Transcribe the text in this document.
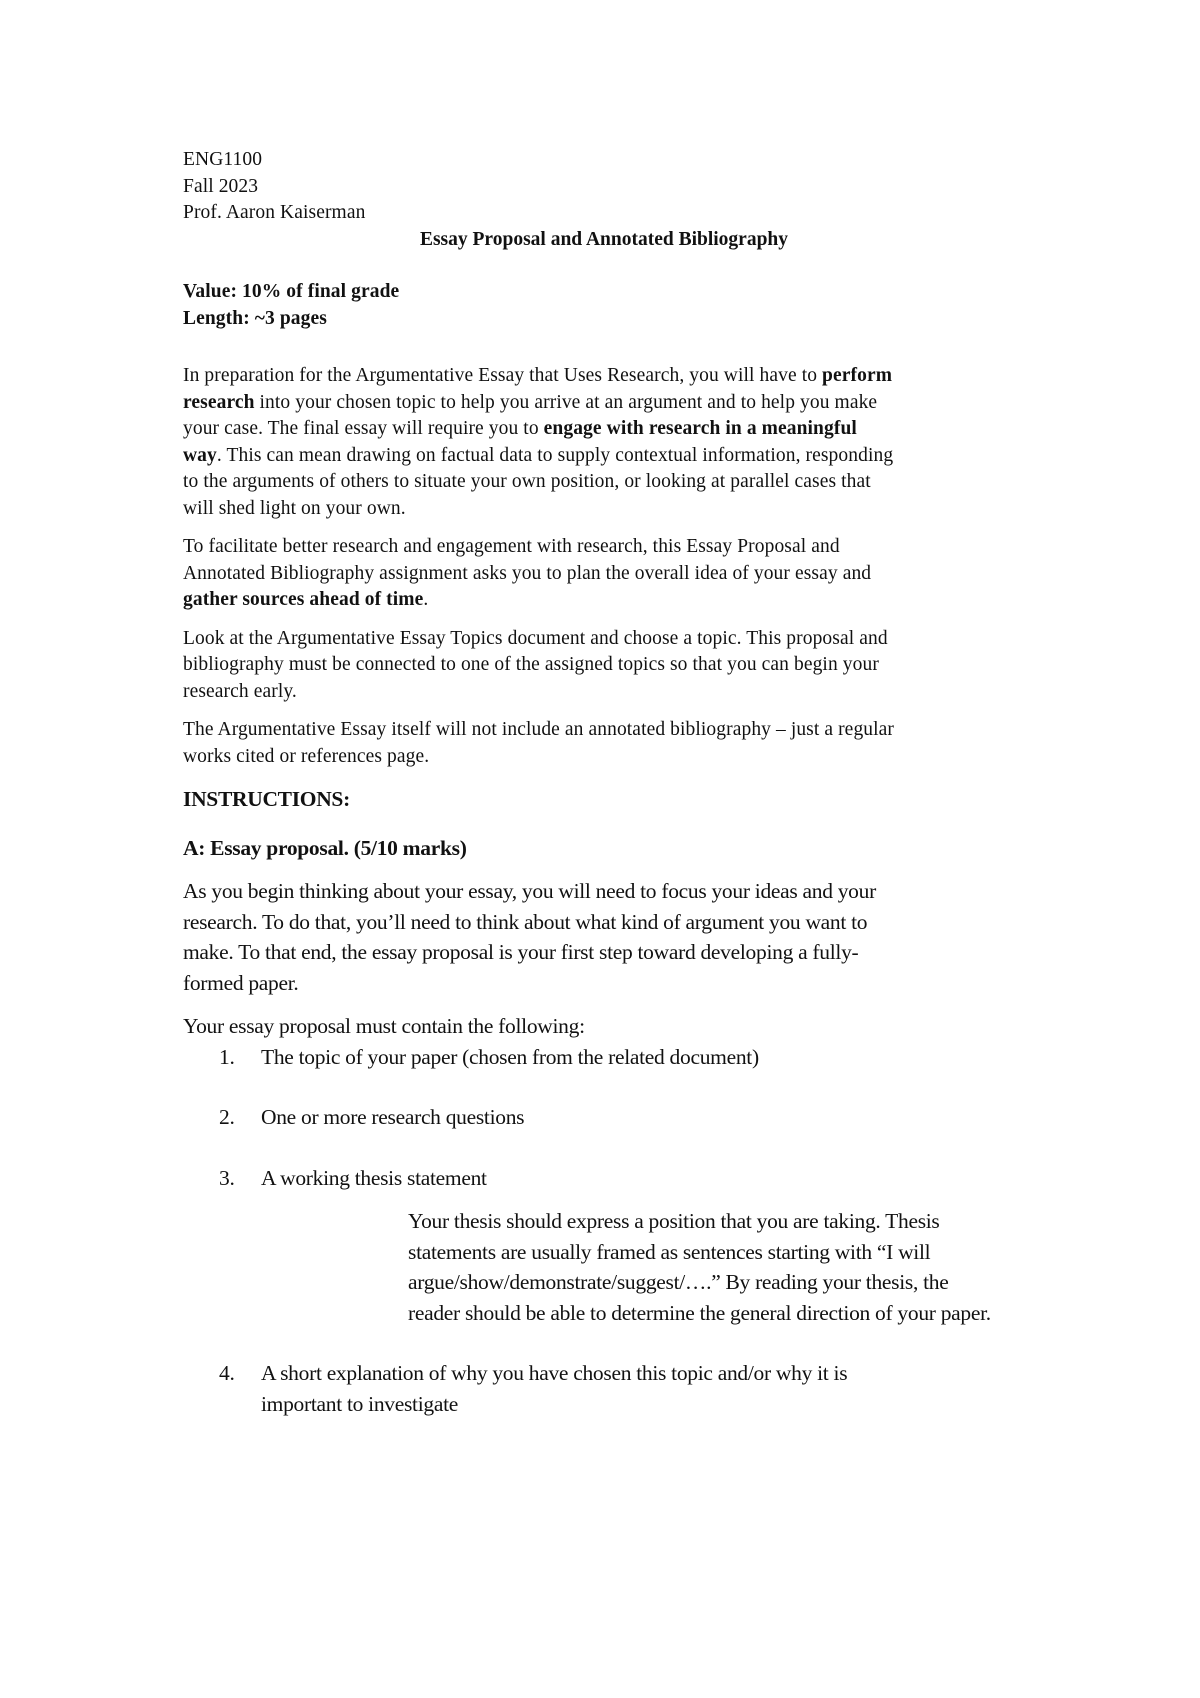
ENG1100
Fall 2023
Prof. Aaron Kaiserman
Essay Proposal and Annotated Bibliography
Value: 10% of final grade
Length: ~3 pages

In preparation for the Argumentative Essay that Uses Research, you will have to perform
research into your chosen topic to help you arrive at an argument and to help you make
your case. The final essay will require you to engage with research in a meaningful
way. This can mean drawing on factual data to supply contextual information, responding
to the arguments of others to situate your own position, or looking at parallel cases that
will shed light on your own.

To facilitate better research and engagement with research, this Essay Proposal and
Annotated Bibliography assignment asks you to plan the overall idea of your essay and
gather sources ahead of time.

Look at the Argumentative Essay Topics document and choose a topic. This proposal and
bibliography must be connected to one of the assigned topics so that you can begin your
research early.

The Argumentative Essay itself will not include an annotated bibliography – just a regular
works cited or references page.

INSTRUCTIONS:

A: Essay proposal. (5/10 marks)

As you begin thinking about your essay, you will need to focus your ideas and your
research. To do that, you’ll need to think about what kind of argument you want to
make. To that end, the essay proposal is your first step toward developing a fully-
formed paper.

Your essay proposal must contain the following:

1. The topic of your paper (chosen from the related document)
2. One or more research questions
3. A working thesis statement
Your thesis should express a position that you are taking. Thesis
statements are usually framed as sentences starting with “I will
argue/show/demonstrate/suggest/….” By reading your thesis, the
reader should be able to determine the general direction of your paper.
4. A short explanation of why you have chosen this topic and/or why it is
important to investigate
